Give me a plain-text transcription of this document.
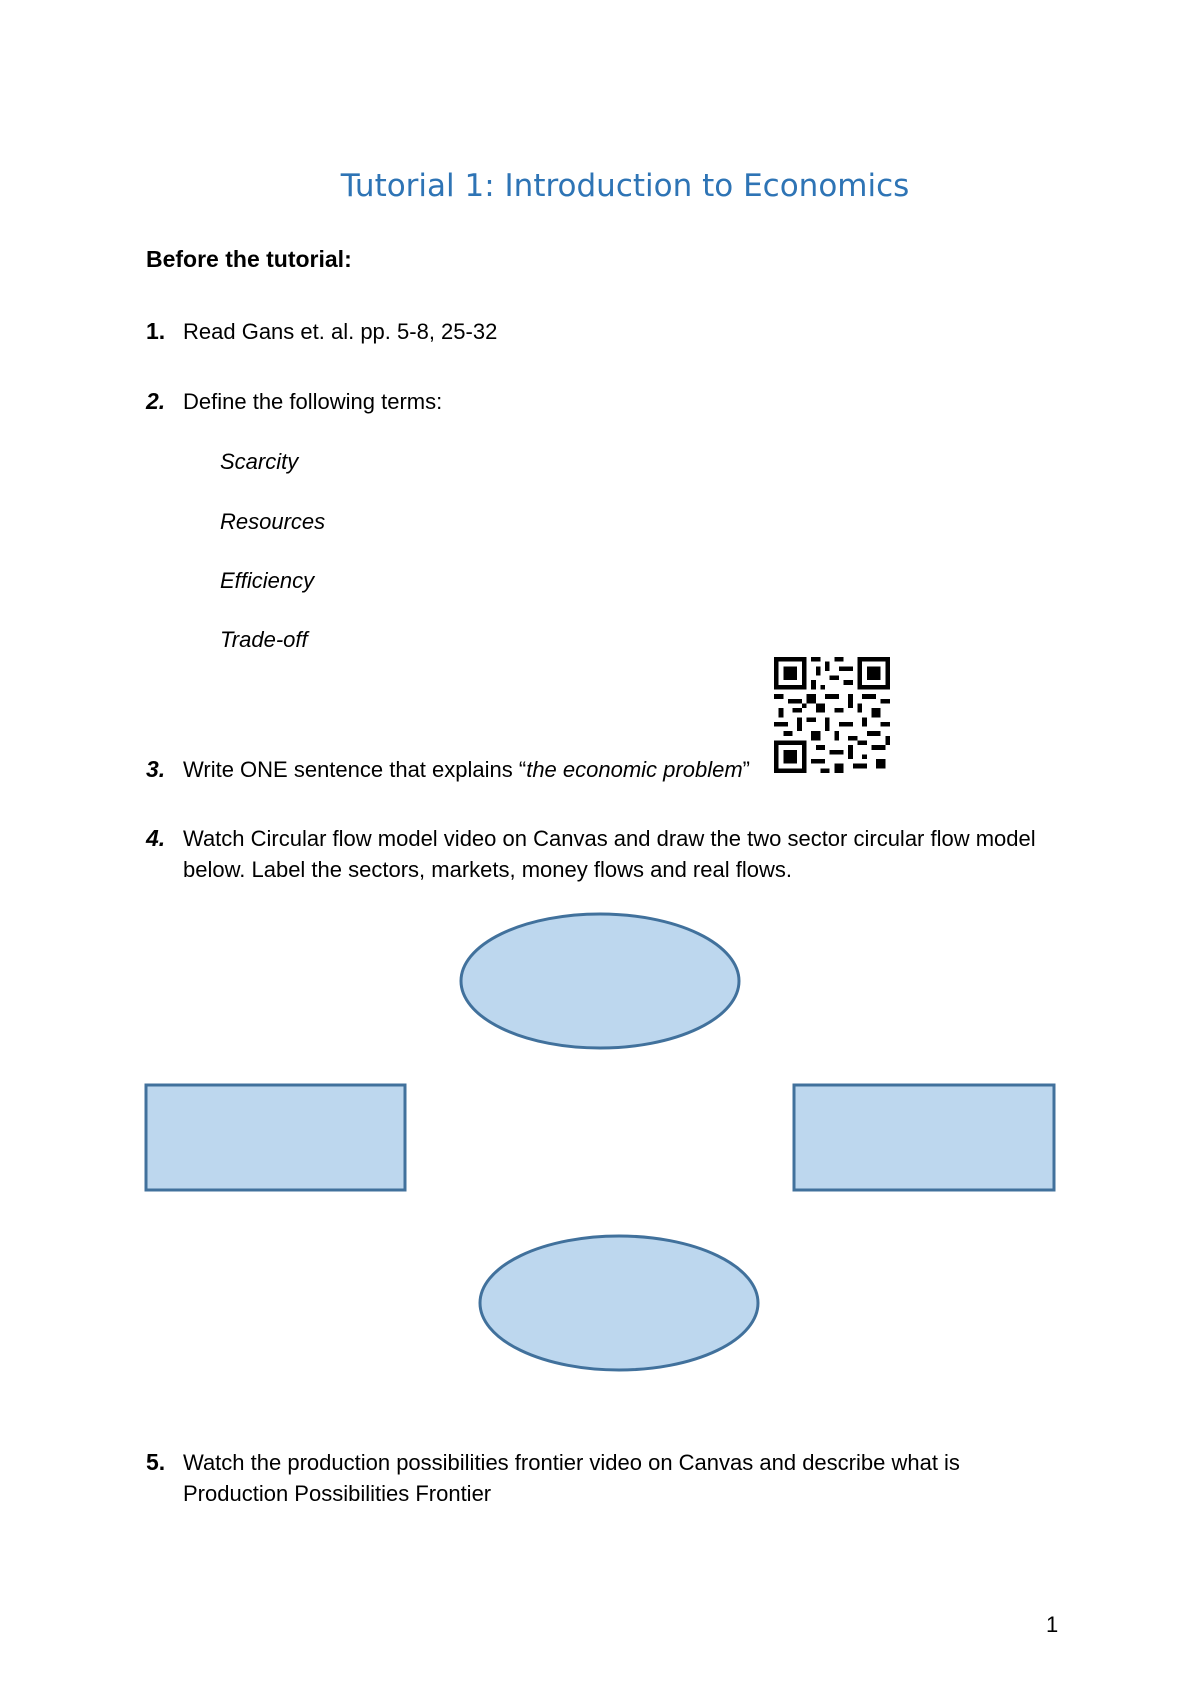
Tutorial 1: Introduction to Economics
Before the tutorial:
1. Read Gans et. al. pp. 5-8, 25-32
2. Define the following terms:
Scarcity
Resources
Efficiency
Trade-off
3. Write ONE sentence that explains “the economic problem”
4. Watch Circular flow model video on Canvas and draw the two sector circular flow model
below. Label the sectors, markets, money flows and real flows.
5. Watch the production possibilities frontier video on Canvas and describe what is
Production Possibilities Frontier
1
